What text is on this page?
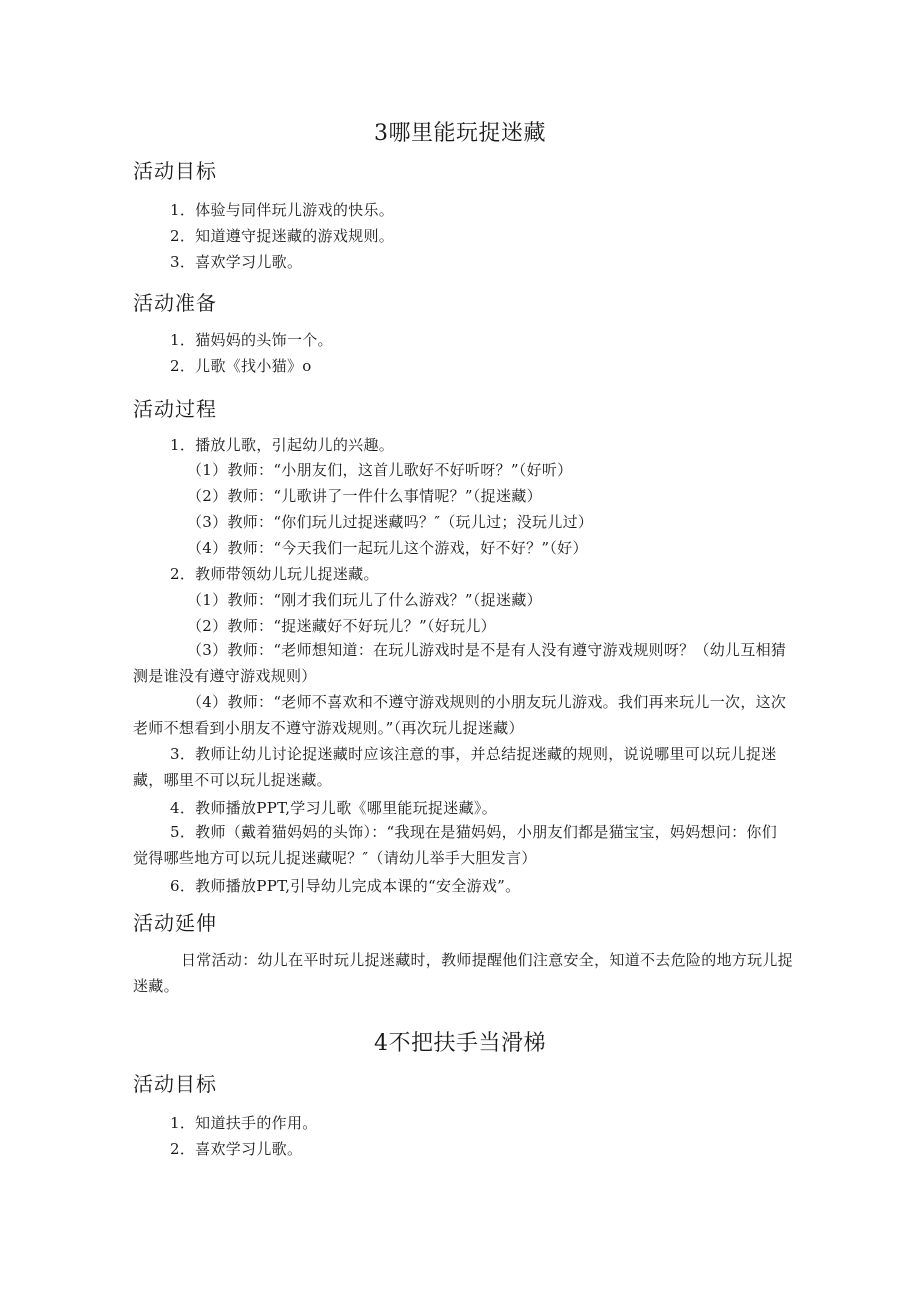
3哪里能玩捉迷藏
活动目标
1．体验与同伴玩儿游戏的快乐。
2．知道遵守捉迷藏的游戏规则。
3．喜欢学习儿歌。
活动准备
1．猫妈妈的头饰一个。
2．儿歌《找小猫》o
活动过程
1．播放儿歌，引起幼儿的兴趣。
（1）教师：“小朋友们，这首儿歌好不好听呀？”（好听）
（2）教师：“儿歌讲了一件什么事情呢？”（捉迷藏）
（3）教师：“你们玩儿过捉迷藏吗？″（玩儿过；没玩儿过）
（4）教师：“今天我们一起玩儿这个游戏，好不好？”（好）
2．教师带领幼儿玩儿捉迷藏。
（1）教师：“刚才我们玩儿了什么游戏？”（捉迷藏）
（2）教师：“捉迷藏好不好玩儿？”（好玩儿）
（3）教师：“老师想知道：在玩儿游戏时是不是有人没有遵守游戏规则呀？（幼儿互相猜测是谁没有遵守游戏规则）
（4）教师：“老师不喜欢和不遵守游戏规则的小朋友玩儿游戏。我们再来玩儿一次，这次老师不想看到小朋友不遵守游戏规则。”（再次玩儿捉迷藏）
3．教师让幼儿讨论捉迷藏时应该注意的事，并总结捉迷藏的规则，说说哪里可以玩儿捉迷藏，哪里不可以玩儿捉迷藏。
4．教师播放PPT,学习儿歌《哪里能玩捉迷藏》。
5．教师（戴着猫妈妈的头饰）：“我现在是猫妈妈，小朋友们都是猫宝宝，妈妈想问：你们觉得哪些地方可以玩儿捉迷藏呢？″（请幼儿举手大胆发言）
6．教师播放PPT,引导幼儿完成本课的“安全游戏”。
活动延伸
日常活动：幼儿在平时玩儿捉迷藏时，教师提醒他们注意安全，知道不去危险的地方玩儿捉迷藏。
4不把扶手当滑梯
活动目标
1．知道扶手的作用。
2．喜欢学习儿歌。
